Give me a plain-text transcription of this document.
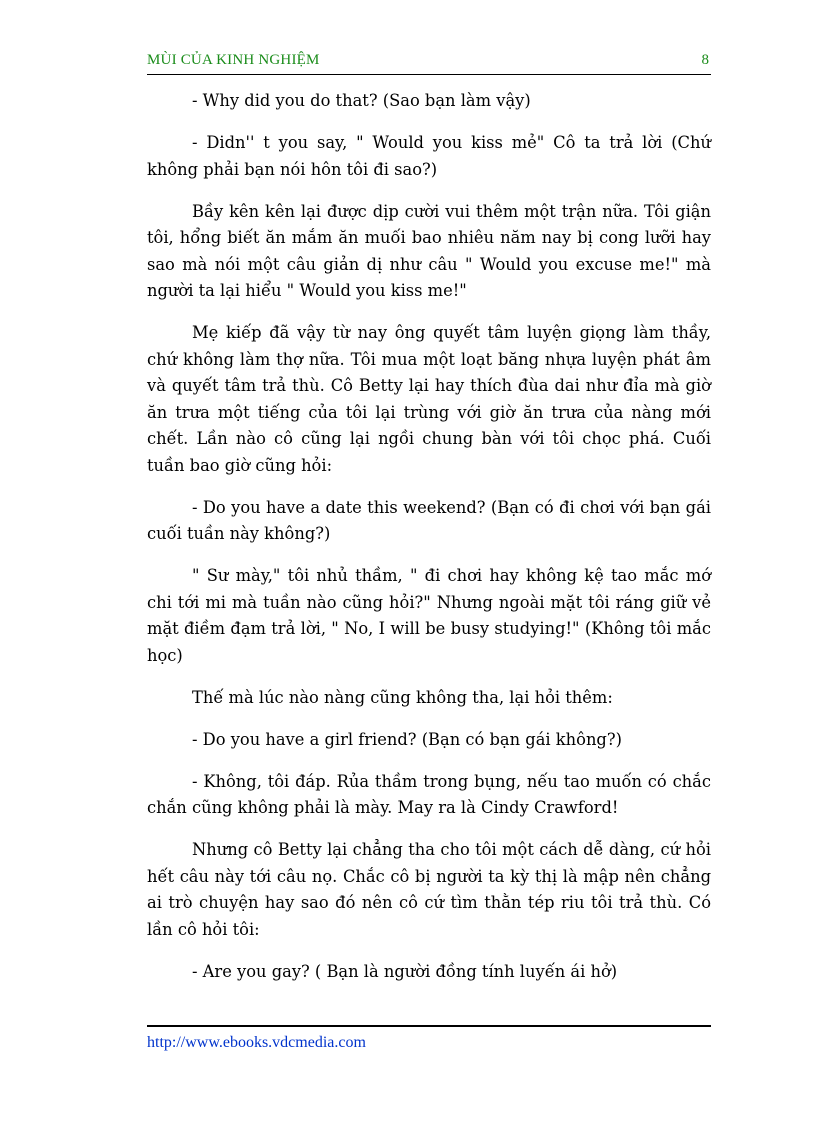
MÙI CỦA KINH NGHIỆM	8

- Why did you do that? (Sao bạn làm vậy)

- Didn'' t you say, " Would you kiss mẻ" Cô ta trả lời (Chứ không phải bạn nói hôn tôi đi sao?)

Bầy kên kên lại được dịp cười vui thêm một trận nữa. Tôi giận tôi, hổng biết ăn mắm ăn muối bao nhiêu năm nay bị cong lưỡi hay sao mà nói một câu giản dị như câu " Would you excuse me!" mà người ta lại hiểu " Would you kiss me!"

Mẹ kiếp đã vậy từ nay ông quyết tâm luyện giọng làm thầy, chứ không làm thợ nữa. Tôi mua một loạt băng nhựa luyện phát âm và quyết tâm trả thù. Cô Betty lại hay thích đùa dai như đỉa mà giờ ăn trưa một tiếng của tôi lại trùng với giờ ăn trưa của nàng mới chết. Lần nào cô cũng lại ngồi chung bàn với tôi chọc phá. Cuối tuần bao giờ cũng hỏi:

- Do you have a date this weekend? (Bạn có đi chơi với bạn gái cuối tuần này không?)

" Sư mày," tôi nhủ thầm, " đi chơi hay không kệ tao mắc mớ chi tới mi mà tuần nào cũng hỏi?" Nhưng ngoài mặt tôi ráng giữ vẻ mặt điềm đạm trả lời, " No, I will be busy studying!" (Không tôi mắc học)

Thế mà lúc nào nàng cũng không tha, lại hỏi thêm:

- Do you have a girl friend? (Bạn có bạn gái không?)

- Không, tôi đáp. Rủa thầm trong bụng, nếu tao muốn có chắc chắn cũng không phải là mày. May ra là Cindy Crawford!

Nhưng cô Betty lại chẳng tha cho tôi một cách dễ dàng, cứ hỏi hết câu này tới câu nọ. Chắc cô bị người ta kỳ thị là mập nên chẳng ai trò chuyện hay sao đó nên cô cứ tìm thằn tép riu tôi trả thù. Có lần cô hỏi tôi:

- Are you gay? ( Bạn là người đồng tính luyến ái hở)

http://www.ebooks.vdcmedia.com
